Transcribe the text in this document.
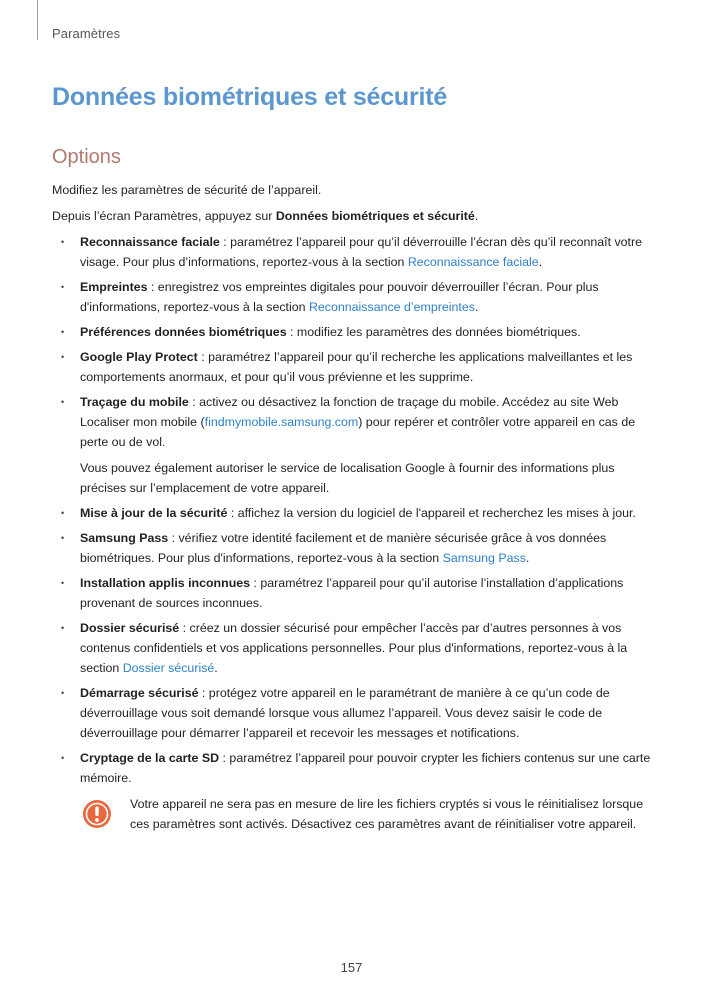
Paramètres
Données biométriques et sécurité
Options

Modifiez les paramètres de sécurité de l’appareil.

Depuis l’écran Paramètres, appuyez sur Données biométriques et sécurité.

• Reconnaissance faciale : paramétrez l’appareil pour qu’il déverrouille l’écran dès qu’il reconnaît votre visage. Pour plus d’informations, reportez-vous à la section Reconnaissance faciale.
• Empreintes : enregistrez vos empreintes digitales pour pouvoir déverrouiller l’écran. Pour plus d'informations, reportez-vous à la section Reconnaissance d’empreintes.
• Préférences données biométriques : modifiez les paramètres des données biométriques.
• Google Play Protect : paramétrez l’appareil pour qu’il recherche les applications malveillantes et les comportements anormaux, et pour qu’il vous prévienne et les supprime.
• Traçage du mobile : activez ou désactivez la fonction de traçage du mobile. Accédez au site Web Localiser mon mobile (findmymobile.samsung.com) pour repérer et contrôler votre appareil en cas de perte ou de vol.
Vous pouvez également autoriser le service de localisation Google à fournir des informations plus précises sur l’emplacement de votre appareil.
• Mise à jour de la sécurité : affichez la version du logiciel de l'appareil et recherchez les mises à jour.
• Samsung Pass : vérifiez votre identité facilement et de manière sécurisée grâce à vos données biométriques. Pour plus d'informations, reportez-vous à la section Samsung Pass.
• Installation applis inconnues : paramétrez l’appareil pour qu’il autorise l’installation d’applications provenant de sources inconnues.
• Dossier sécurisé : créez un dossier sécurisé pour empêcher l’accès par d’autres personnes à vos contenus confidentiels et vos applications personnelles. Pour plus d'informations, reportez-vous à la section Dossier sécurisé.
• Démarrage sécurisé : protégez votre appareil en le paramétrant de manière à ce qu’un code de déverrouillage vous soit demandé lorsque vous allumez l’appareil. Vous devez saisir le code de déverrouillage pour démarrer l’appareil et recevoir les messages et notifications.
• Cryptage de la carte SD : paramétrez l’appareil pour pouvoir crypter les fichiers contenus sur une carte mémoire.
Votre appareil ne sera pas en mesure de lire les fichiers cryptés si vous le réinitialisez lorsque ces paramètres sont activés. Désactivez ces paramètres avant de réinitialiser votre appareil.
157
